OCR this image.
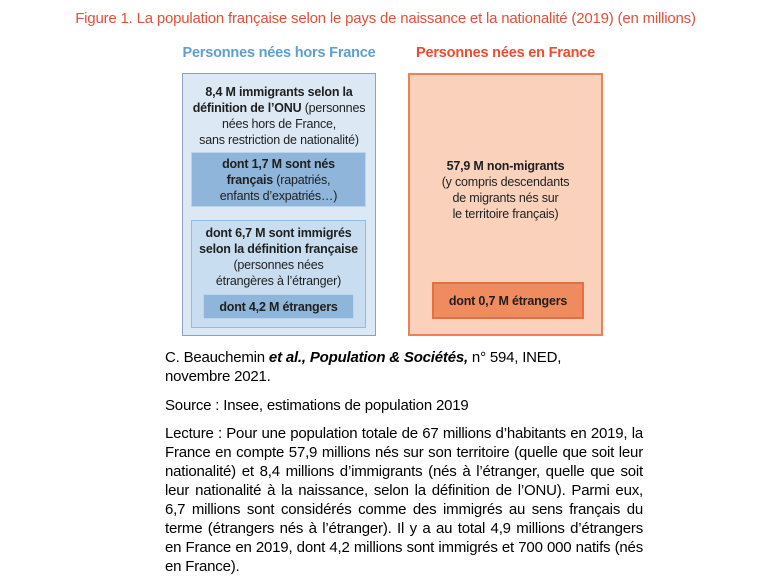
Figure 1. La population française selon le pays de naissance et la nationalité (2019) (en millions)
Personnes nées hors France	Personnes nées en France
8,4 M immigrants selon la
définition de l’ONU (personnes
nées hors de France,
sans restriction de nationalité)
dont 1,7 M sont nés
français (rapatriés,
enfants d’expatriés…)
dont 6,7 M sont immigrés
selon la définition française
(personnes nées
étrangères à l’étranger)
dont 4,2 M étrangers
57,9 M non-migrants
(y compris descendants
de migrants nés sur
le territoire français)
dont 0,7 M étrangers

C. Beauchemin et al., Population & Sociétés, n° 594, INED,
novembre 2021.

Source : Insee, estimations de population 2019

Lecture : Pour une population totale de 67 millions d’habitants en 2019, la France en compte 57,9 millions nés sur son territoire (quelle que soit leur nationalité) et 8,4 millions d’immigrants (nés à l’étranger, quelle que soit leur nationalité à la naissance, selon la définition de l’ONU). Parmi eux, 6,7 millions sont considérés comme des immigrés au sens français du terme (étrangers nés à l’étranger). Il y a au total 4,9 millions d’étrangers en France en 2019, dont 4,2 millions sont immigrés et 700 000 natifs (nés en France).
